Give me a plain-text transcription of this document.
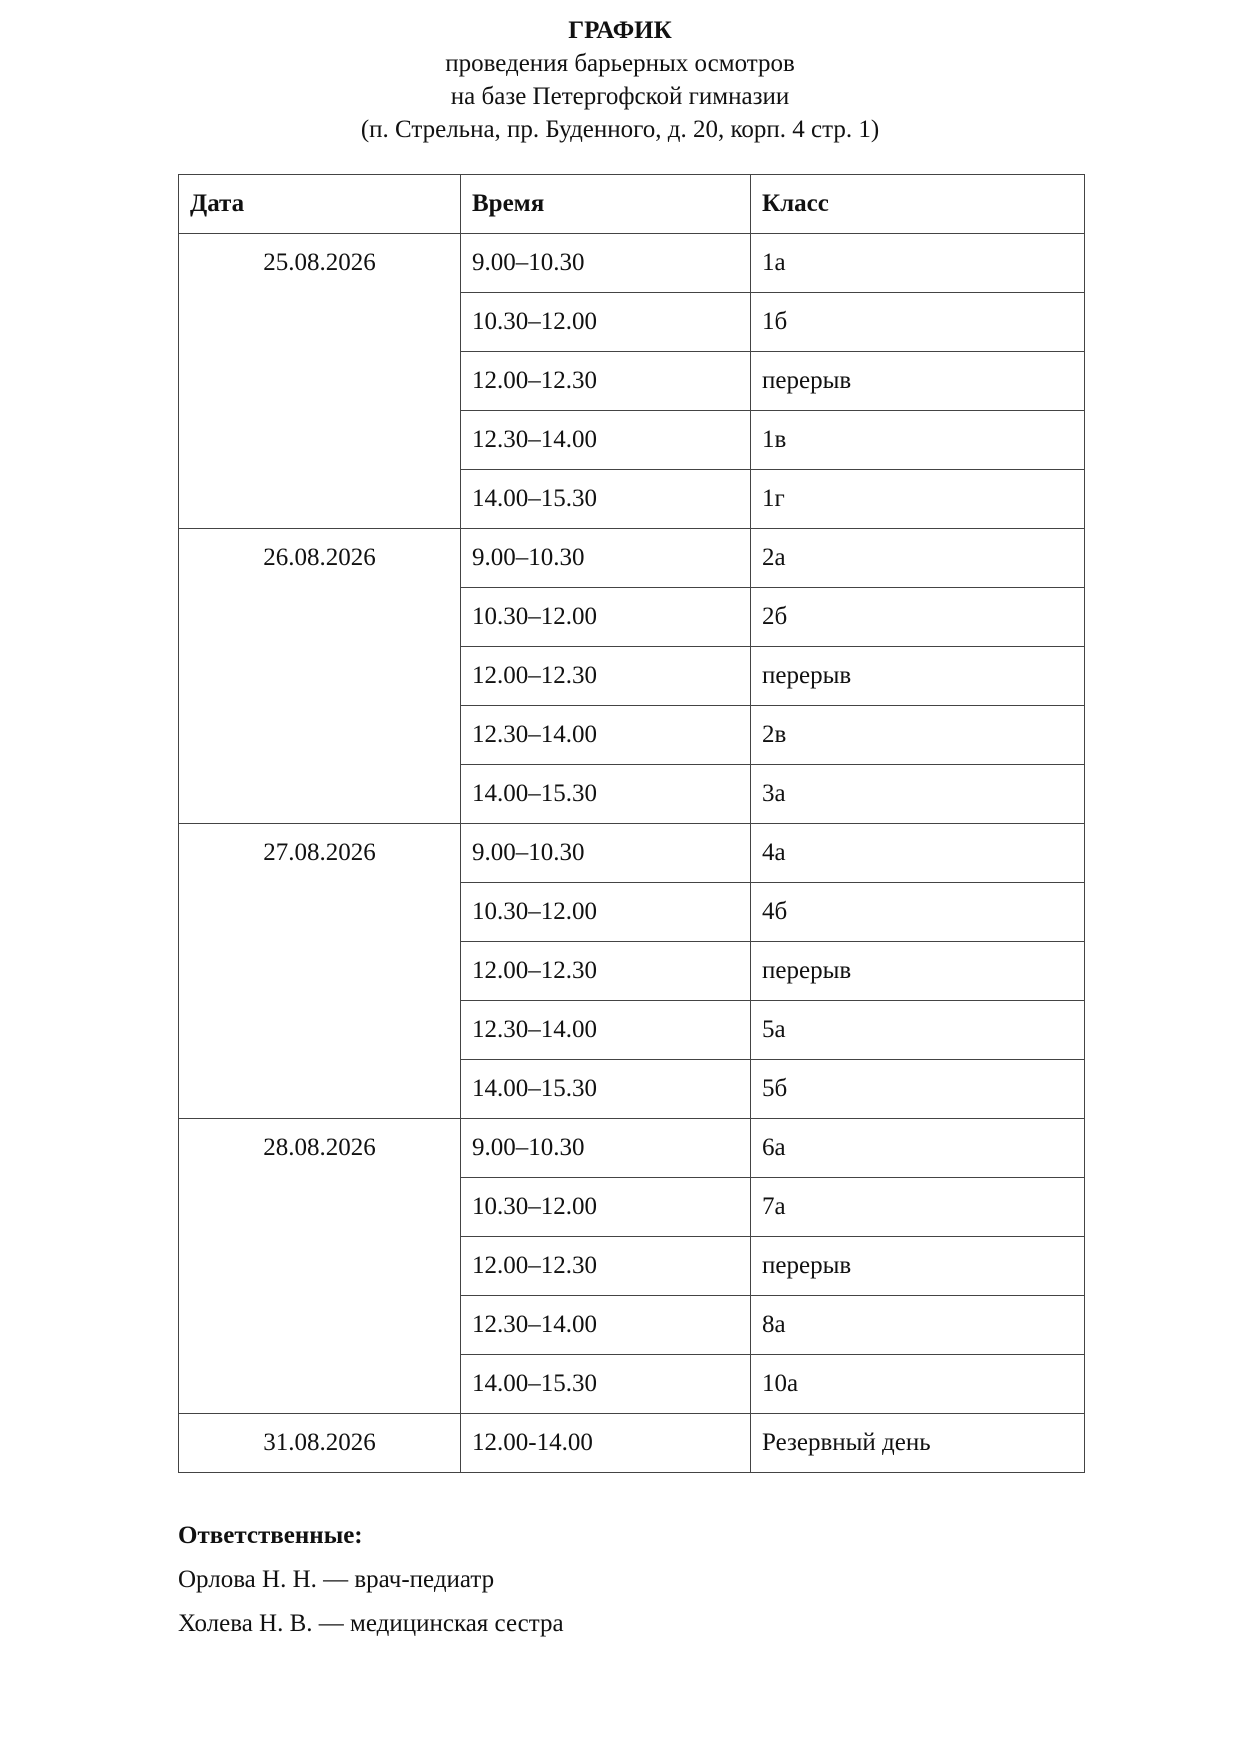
ГРАФИК
проведения барьерных осмотров
на базе Петергофской гимназии
(п. Стрельна, пр. Буденного, д. 20, корп. 4 стр. 1)
Дата	Время	Класс
25.08.2026	9.00–10.30	1а
	10.30–12.00	1б
	12.00–12.30	перерыв
	12.30–14.00	1в
	14.00–15.30	1г
26.08.2026	9.00–10.30	2а
	10.30–12.00	2б
	12.00–12.30	перерыв
	12.30–14.00	2в
	14.00–15.30	3а
27.08.2026	9.00–10.30	4а
	10.30–12.00	4б
	12.00–12.30	перерыв
	12.30–14.00	5а
	14.00–15.30	5б
28.08.2026	9.00–10.30	6а
	10.30–12.00	7а
	12.00–12.30	перерыв
	12.30–14.00	8а
	14.00–15.30	10а
31.08.2026	12.00-14.00	Резервный день
Ответственные:
Орлова Н. Н. — врач-педиатр
Холева Н. В. — медицинская сестра
